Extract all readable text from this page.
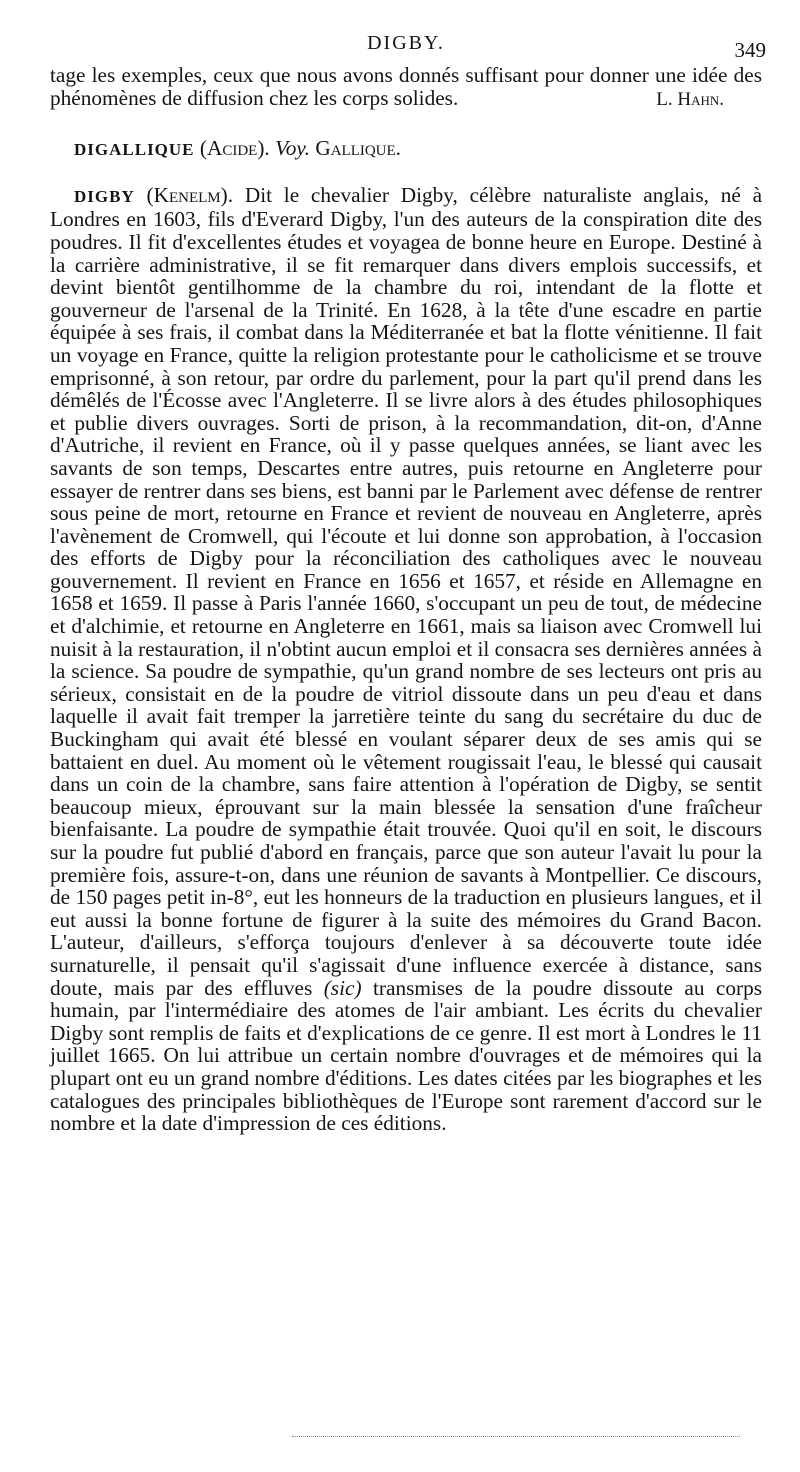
DIGBY.	349

tage les exemples, ceux que nous avons donnés suffisant pour donner une idée des phénomènes de diffusion chez les corps solides.	L. Hahn.

DIGALLIQUE (Acide). Voy. Gallique.

DIGBY (Kenelm). Dit le chevalier Digby, célèbre naturaliste anglais, né à Londres en 1603, fils d'Everard Digby, l'un des auteurs de la conspiration dite des poudres. Il fit d'excellentes études et voyagea de bonne heure en Europe. Destiné à la carrière administrative, il se fit remarquer dans divers emplois successifs, et devint bientôt gentilhomme de la chambre du roi, intendant de la flotte et gouverneur de l'arsenal de la Trinité. En 1628, à la tête d'une escadre en partie équipée à ses frais, il combat dans la Méditerranée et bat la flotte vénitienne. Il fait un voyage en France, quitte la religion protestante pour le catholicisme et se trouve emprisonné, à son retour, par ordre du parlement, pour la part qu'il prend dans les démêlés de l'Écosse avec l'Angleterre. Il se livre alors à des études philosophiques et publie divers ouvrages. Sorti de prison, à la recommandation, dit-on, d'Anne d'Autriche, il revient en France, où il y passe quelques années, se liant avec les savants de son temps, Descartes entre autres, puis retourne en Angleterre pour essayer de rentrer dans ses biens, est banni par le Parlement avec défense de rentrer sous peine de mort, retourne en France et revient de nouveau en Angleterre, après l'avènement de Cromwell, qui l'écoute et lui donne son approbation, à l'occasion des efforts de Digby pour la réconciliation des catholiques avec le nouveau gouvernement. Il revient en France en 1656 et 1657, et réside en Allemagne en 1658 et 1659. Il passe à Paris l'année 1660, s'occupant un peu de tout, de médecine et d'alchimie, et retourne en Angleterre en 1661, mais sa liaison avec Cromwell lui nuisit à la restauration, il n'obtint aucun emploi et il consacra ses dernières années à la science. Sa poudre de sympathie, qu'un grand nombre de ses lecteurs ont pris au sérieux, consistait en de la poudre de vitriol dissoute dans un peu d'eau et dans laquelle il avait fait tremper la jarretière teinte du sang du secrétaire du duc de Buckingham qui avait été blessé en voulant séparer deux de ses amis qui se battaient en duel. Au moment où le vêtement rougissait l'eau, le blessé qui causait dans un coin de la chambre, sans faire attention à l'opération de Digby, se sentit beaucoup mieux, éprouvant sur la main blessée la sensation d'une fraîcheur bienfaisante. La poudre de sympathie était trouvée. Quoi qu'il en soit, le discours sur la poudre fut publié d'abord en français, parce que son auteur l'avait lu pour la première fois, assure-t-on, dans une réunion de savants à Montpellier. Ce discours, de 150 pages petit in-8°, eut les honneurs de la traduction en plusieurs langues, et il eut aussi la bonne fortune de figurer à la suite des mémoires du Grand Bacon. L'auteur, d'ailleurs, s'efforça toujours d'enlever à sa découverte toute idée surnaturelle, il pensait qu'il s'agissait d'une influence exercée à distance, sans doute, mais par des effluves (sic) transmises de la poudre dissoute au corps humain, par l'intermédiaire des atomes de l'air ambiant. Les écrits du chevalier Digby sont remplis de faits et d'explications de ce genre. Il est mort à Londres le 11 juillet 1665. On lui attribue un certain nombre d'ouvrages et de mémoires qui la plupart ont eu un grand nombre d'éditions. Les dates citées par les biographes et les catalogues des principales bibliothèques de l'Europe sont rarement d'accord sur le nombre et la date d'impression de ces éditions.
